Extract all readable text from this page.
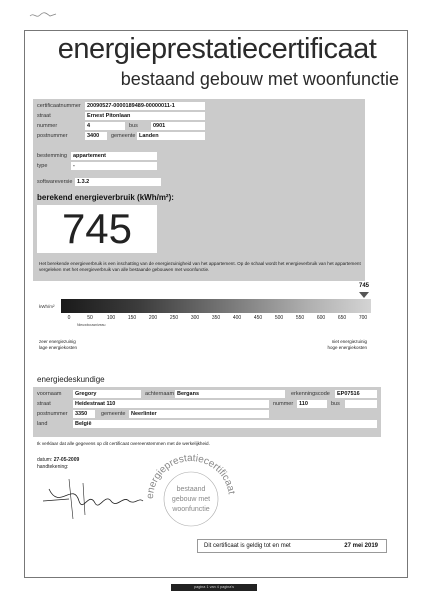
energieprestatiecertificaat
bestaand gebouw met woonfunctie
certificaatnummer	20090527-0000189489-00000011-1
straat	Ernest Pitonlaan
nummer	4	bus	0901
postnummer	3400	gemeente Landen
bestemming	appartement
type	-
softwareversie 1.3.2
berekend energieverbruik (kWh/m²):
745
Het berekende energieverbruik is een inschatting van de energiezuinigheid van het appartement. Op de schaal wordt het energieverbruik van het appartement vergeleken met het energieverbruik van alle bestaande gebouwen met woonfunctie.
745
kWh/m²
0	50	100	150	200	250	300	350	400	450	500	550	600	650	700
Nieuwbouwniveau
zeer energiezuinig
lage energiekosten
niet energiezuinig
hoge energiekosten
energiedeskundige
voornaam	Gregory	achternaam Bergans	erkenningscode	EP07516
straat	Heidestraat 110	nummer	110	bus
postnummer	3350	gemeente	Neerlinter
land	België
Ik verklaar dat alle gegevens op dit certificaat overeenstemmen met de werkelijkheid.
datum: 27-05-2009
handtekening:
energieprestatiecertificaat
bestaand
gebouw met
woonfunctie
Dit certificaat is geldig tot en met	27 mei 2019
pagina 1 van 4 pagina's
